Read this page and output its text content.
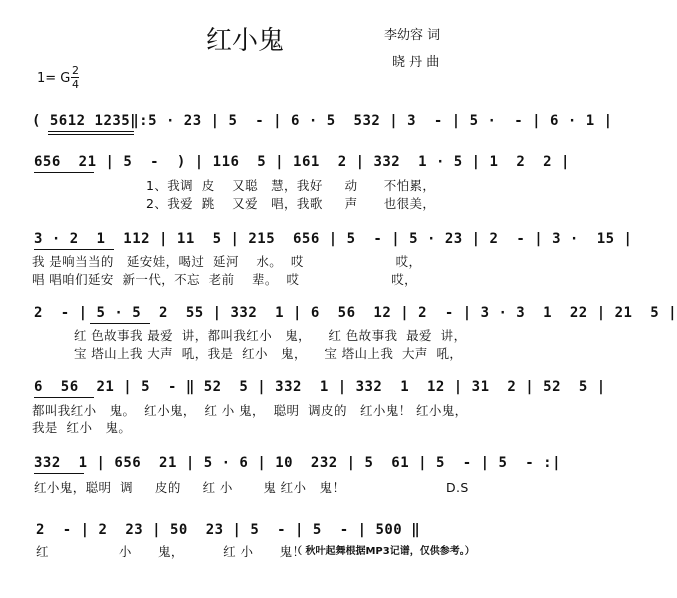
红小鬼	李幼容 词
晓 丹 曲
1= G
2
4
( 5612 1235‖:5 · 23 | 5  - | 6 · 5  532 | 3  - | 5 ·  - | 6 · 1 |
656  21 | 5  -  ) | 116  5 | 161  2 | 332  1 · 5 | 1  2  2 |
1、我调  皮    又聪   慧，我好     动      不怕累，
2、我爱  跳    又爱   唱，我歌     声      也很美，
3 · 2  1  112 | 11  5 | 215  656 | 5  - | 5 · 23 | 2  - | 3 ·  15 |
我 是响当当的   延安娃，喝过  延河    水。  哎                     哎，
唱 唱咱们延安  新一代，不忘  老前    辈。  哎                     哎，
2  - | 5 · 5  2  55 | 332  1 | 6  56  12 | 2  - | 3 · 3  1  22 | 21  5 |
红 色故事我 最爱  讲，都叫我红小   鬼，    红 色故事我  最爱  讲，
宝 塔山上我 大声  吼，我是  红小   鬼，    宝 塔山上我  大声  吼，
6  56  21 | 5  - ‖ 52  5 | 332  1 | 332  1  12 | 31  2 | 52  5 |
都叫我红小   鬼。  红小鬼，  红 小 鬼，  聪明  调皮的   红小鬼！ 红小鬼，
我是  红小   鬼。
332  1 | 656  21 | 5 · 6 | 10  232 | 5  61 | 5  - | 5  - :|
红小鬼，聪明  调     皮的     红 小       鬼 红小   鬼！                       D.S
2  - | 2  23 | 50  23 | 5  - | 5  - | 500 ‖
红                小      鬼，         红 小      鬼！
（ 秋叶起舞根据MP3记谱，仅供参考。）
